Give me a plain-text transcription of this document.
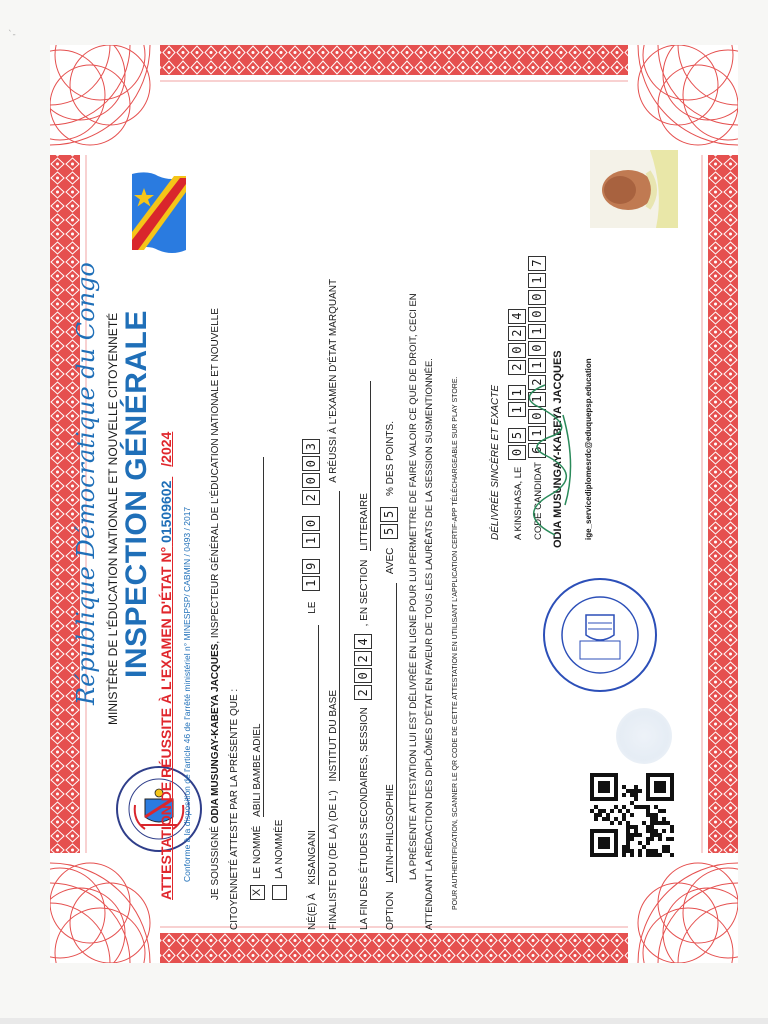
`-
République Démocratique du Congo MINISTÈRE DE L'ÉDUCATION NATIONALE ET NOUVELLE CITOYENNETÉ INSPECTION GÉNÉRALE
ATTESTATION DE RÉUSSITE À L'EXAMEN D'ÉTAT N° 01509602 /2024
Conforme à la disposition de l'article 46 de l'arrêté ministériel n° MINESPSP/ CABMIN / 0493 / 2017 JE SOUSSIGNÉ ODIA MUSUNGAY-KABEYA JACQUES, INSPECTEUR GÉNÉRAL DE L'ÉDUCATION NATIONALE ET NOUVELLE
CITOYENNETÉ ATTESTE PAR LA PRÉSENTE QUE : XLE NOMMÉ ABILI BAMBE ADIEL
LA NOMMÉE
NÉ(E) À KISANGANI LE 19 10 2003
FINALISTE DU (DE LA) (DE L') INSTITUT DU BASE A RÉUSSI À L'EXAMEN D'ÉTAT MARQUANT
LA FIN DES ÉTUDES SECONDAIRES, SESSION 2024, EN SECTION LITTERAIRE
OPTION LATIN-PHILOSOPHIE AVEC 55 % DES POINTS. LA PRÉSENTE ATTESTATION LUI EST DÉLIVRÉE EN LIGNE POUR LUI PERMETTRE DE FAIRE VALOIR CE QUE DE DROIT, CECI EN ATTENDANT LA RÉDACTION DES DIPLÔMES D'ÉTAT EN FAVEUR DE TOUS LES LAURÉATS DE LA SESSION SUSMENTIONNÉE. POUR AUTHENTIFICATION, SCANNER LE QR CODE DE CETTE ATTESTATION EN UTILISANT L'APPLICATION CERTIF-APP TÉLÉCHARGEABLE SUR PLAY STORE.	DÉLIVRÉE SINCÈRE ET EXACTE	A KINSHASA, LE 05 11 2024
CODE CANDIDAT 610121010017
ODIA MUSUNGAY-KABEYA JACQUES	ige_servicediplomesrdc@eduquepsp.education
